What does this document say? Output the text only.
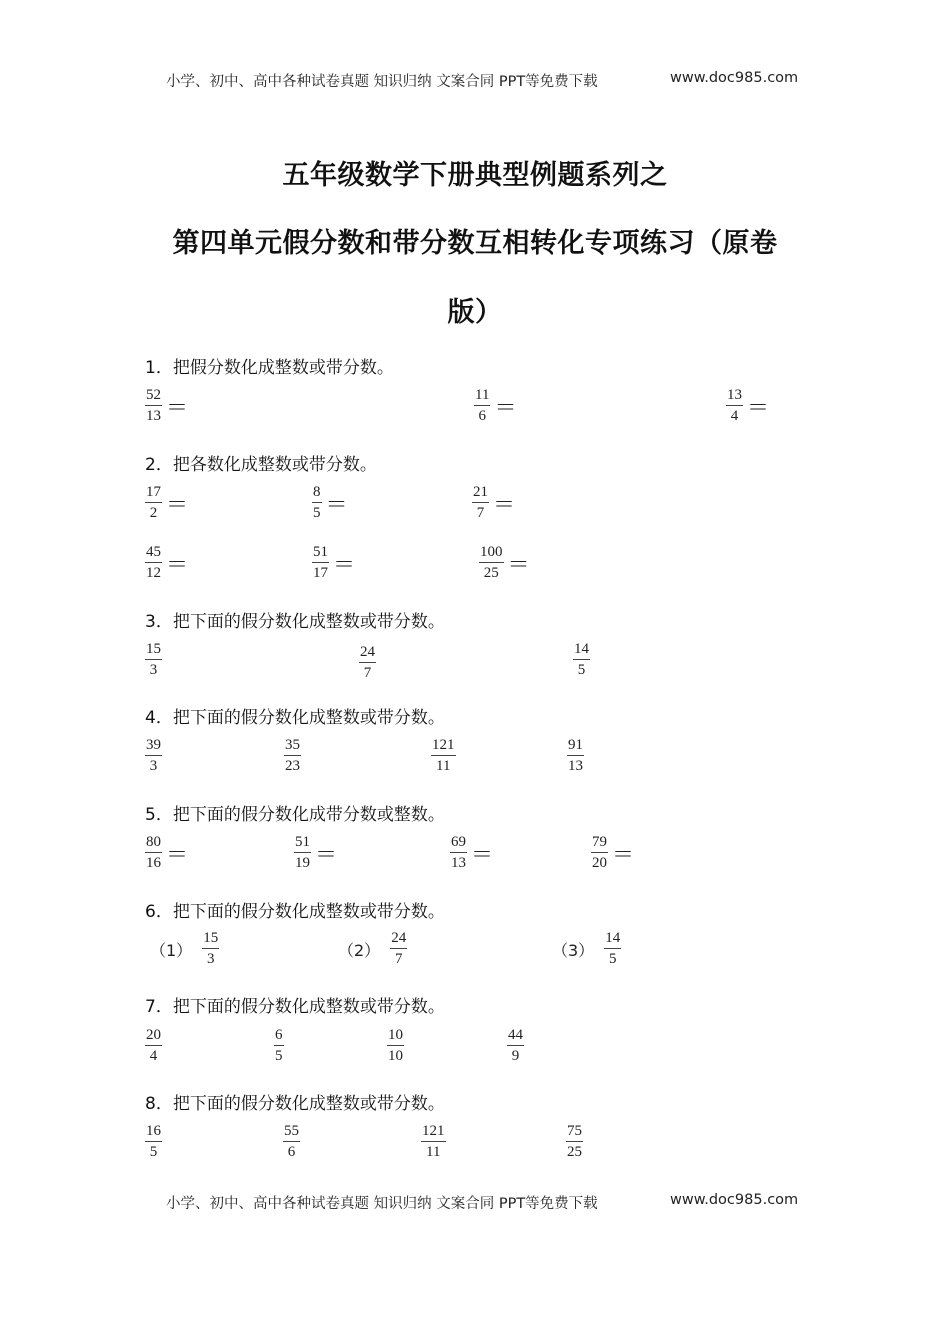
小学、初中、高中各种试卷真题 知识归纳 文案合同 PPT等免费下载	www.doc985.com
五年级数学下册典型例题系列之
第四单元假分数和带分数互相转化专项练习（原卷
版）
1．把假分数化成整数或带分数。
2．把各数化成整数或带分数。
3．把下面的假分数化成整数或带分数。
4．把下面的假分数化成整数或带分数。
5．把下面的假分数化成带分数或整数。
6．把下面的假分数化成整数或带分数。
7．把下面的假分数化成整数或带分数。
8．把下面的假分数化成整数或带分数。
$\frac{52}{13}$ ＝	$\frac{11}{6}$ ＝	$\frac{13}{4}$ ＝
$\frac{17}{2}$ ＝	$\frac{8}{5}$ ＝	$\frac{21}{7}$ ＝
$\frac{45}{12}$ ＝	$\frac{51}{17}$ ＝	$\frac{100}{25}$ ＝
$\frac{15}{3}$	$\frac{24}{7}$	$\frac{14}{5}$
$\frac{39}{3}$	$\frac{35}{23}$	$\frac{121}{11}$	$\frac{91}{13}$
$\frac{80}{16}$ ＝	$\frac{51}{19}$ ＝	$\frac{69}{13}$ ＝	$\frac{79}{20}$ ＝
$(1) \frac{15}{3}$	$(2) \frac{24}{7}$	$(3) \frac{14}{5}$
$\frac{20}{4}$	$\frac{6}{5}$	$\frac{10}{10}$	$\frac{44}{9}$
$\frac{16}{5}$	$\frac{55}{6}$	$\frac{121}{11}$	$\frac{75}{25}$
小学、初中、高中各种试卷真题 知识归纳 文案合同 PPT等免费下载	www.doc985.com
